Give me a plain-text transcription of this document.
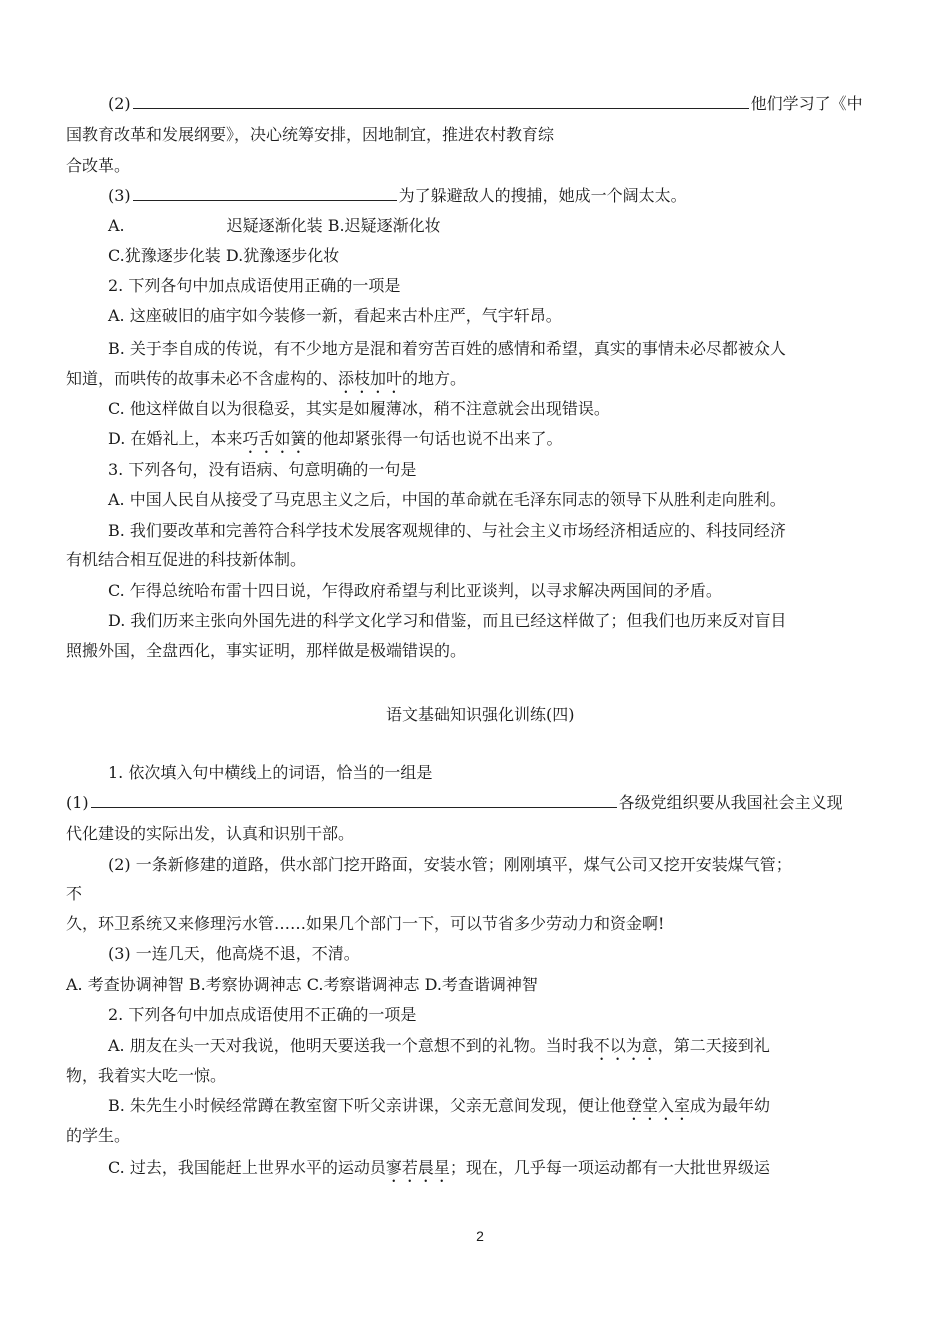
(2)	他们学习了《中
国教育改革和发展纲要》，决心统筹安排，因地制宜，推进农村教育综
合改革。
(3)	为了躲避敌人的搜捕，她成一个阔太太。
A.	迟疑逐渐化装 B.迟疑逐渐化妆
C.犹豫逐步化装 D.犹豫逐步化妆
2. 下列各句中加点成语使用正确的一项是
A. 这座破旧的庙宇如今装修一新，看起来古朴庄严，气宇轩昂。
B. 关于李自成的传说，有不少地方是混和着穷苦百姓的感情和希望，真实的事情未必尽都被众人
知道，而哄传的故事未必不含虚构的、添枝加叶的地方。
C. 他这样做自以为很稳妥，其实是如履薄冰，稍不注意就会出现错误。
D. 在婚礼上，本来巧舌如簧的他却紧张得一句话也说不出来了。
3. 下列各句，没有语病、句意明确的一句是
A. 中国人民自从接受了马克思主义之后，中国的革命就在毛泽东同志的领导下从胜利走向胜利。
B. 我们要改革和完善符合科学技术发展客观规律的、与社会主义市场经济相适应的、科技同经济
有机结合相互促进的科技新体制。
C. 乍得总统哈布雷十四日说，乍得政府希望与利比亚谈判，以寻求解决两国间的矛盾。
D. 我们历来主张向外国先进的科学文化学习和借鉴，而且已经这样做了；但我们也历来反对盲目
照搬外国，全盘西化，事实证明，那样做是极端错误的。
语文基础知识强化训练(四)
1. 依次填入句中横线上的词语，恰当的一组是
(1)	各级党组织要从我国社会主义现
代化建设的实际出发，认真和识别干部。
(2) 一条新修建的道路，供水部门挖开路面，安装水管；刚刚填平，煤气公司又挖开安装煤气管；
不
久，环卫系统又来修理污水管……如果几个部门一下，可以节省多少劳动力和资金啊!
(3) 一连几天，他高烧不退，不清。
A. 考查协调神智 B.考察协调神志 C.考察谐调神志 D.考查谐调神智
2. 下列各句中加点成语使用不正确的一项是
A. 朋友在头一天对我说，他明天要送我一个意想不到的礼物。当时我不以为意，第二天接到礼
物，我着实大吃一惊。
B. 朱先生小时候经常蹲在教室窗下听父亲讲课，父亲无意间发现，便让他登堂入室成为最年幼
的学生。
C. 过去，我国能赶上世界水平的运动员寥若晨星；现在，几乎每一项运动都有一大批世界级运
2
